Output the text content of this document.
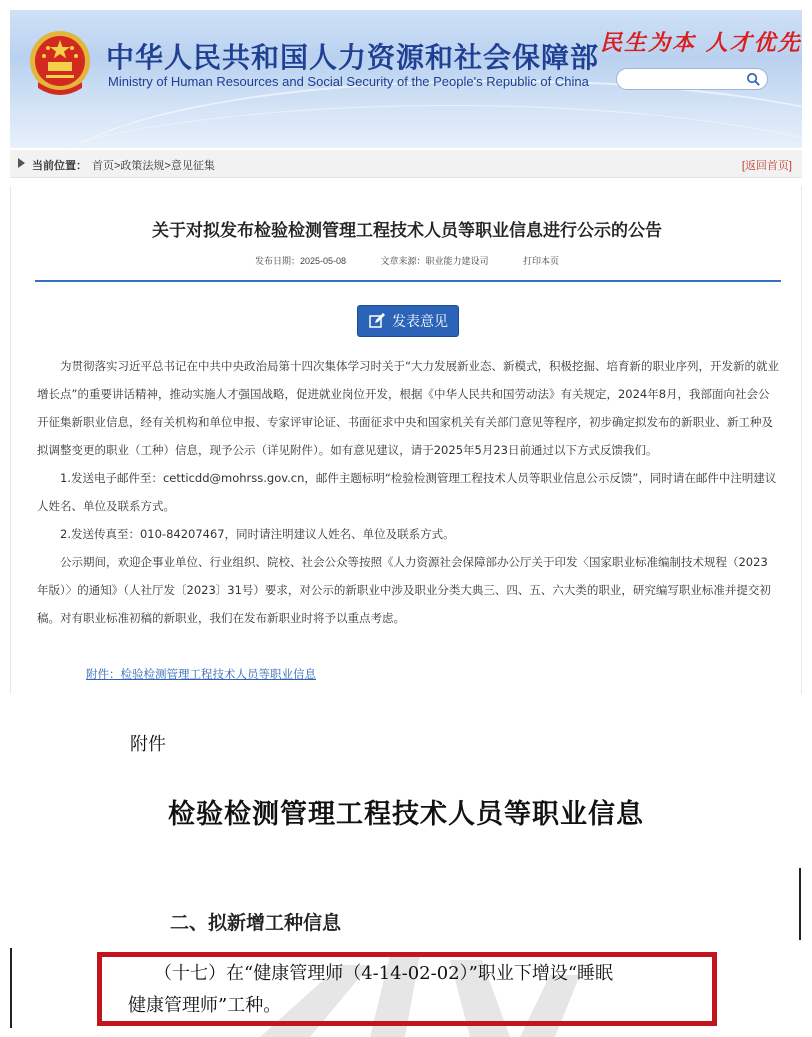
中华人民共和国人力资源和社会保障部
Ministry of Human Resources and Social Security of the People's Republic of China
民生为本 人才优先
当前位置： 首页>政策法规>意见征集	[返回首页]
关于对拟发布检验检测管理工程技术人员等职业信息进行公示的公告
发布日期：2025-05-08	文章来源：职业能力建设司	打印本页
发表意见

为贯彻落实习近平总书记在中共中央政治局第十四次集体学习时关于“大力发展新业态、新模式，积极挖掘、培育新的职业序列，开发新的就业增长点”的重要讲话精神，推动实施人才强国战略，促进就业岗位开发，根据《中华人民共和国劳动法》有关规定，2024年8月，我部面向社会公开征集新职业信息，经有关机构和单位申报、专家评审论证、书面征求中央和国家机关有关部门意见等程序，初步确定拟发布的新职业、新工种及拟调整变更的职业（工种）信息，现予公示（详见附件）。如有意见建议，请于2025年5月23日前通过以下方式反馈我们。

1.发送电子邮件至：cetticdd@mohrss.gov.cn，邮件主题标明“检验检测管理工程技术人员等职业信息公示反馈”，同时请在邮件中注明建议人姓名、单位及联系方式。

2.发送传真至：010-84207467，同时请注明建议人姓名、单位及联系方式。

公示期间，欢迎企事业单位、行业组织、院校、社会公众等按照《人力资源社会保障部办公厅关于印发〈国家职业标准编制技术规程（2023年版）〉的通知》（人社厅发〔2023〕31号）要求，对公示的新职业中涉及职业分类大典三、四、五、六大类的职业，研究编写职业标准并提交初稿。对有职业标准初稿的新职业，我们在发布新职业时将予以重点考虑。

附件：检验检测管理工程技术人员等职业信息
附件
检验检测管理工程技术人员等职业信息
二、拟新增工种信息
（十七）在“健康管理师（4-14-02-02）”职业下增设“睡眠
健康管理师”工种。
